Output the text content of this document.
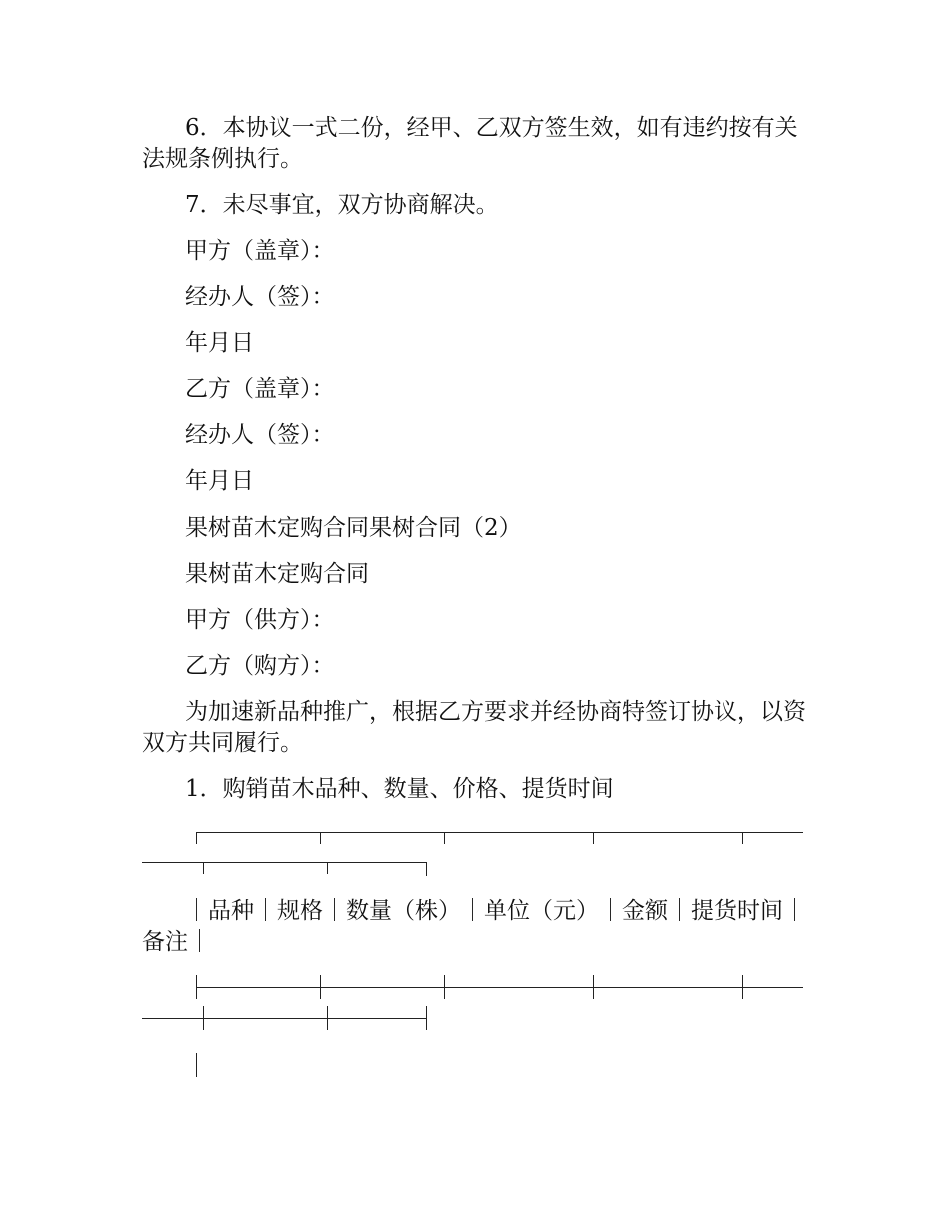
6．本协议一式二份，经甲、乙双方签生效，如有违约按有关法规条例执行。

7．未尽事宜，双方协商解决。

甲方（盖章）：

经办人（签）：

年月日

乙方（盖章）：

经办人（签）：

年月日

果树苗木定购合同果树合同（2）

果树苗木定购合同

甲方（供方）：

乙方（购方）：

为加速新品种推广，根据乙方要求并经协商特签订协议，以资双方共同履行。

1．购销苗木品种、数量、价格、提货时间

｜品种｜规格｜数量（株）｜单位（元）｜金额｜提货时间｜备注｜
